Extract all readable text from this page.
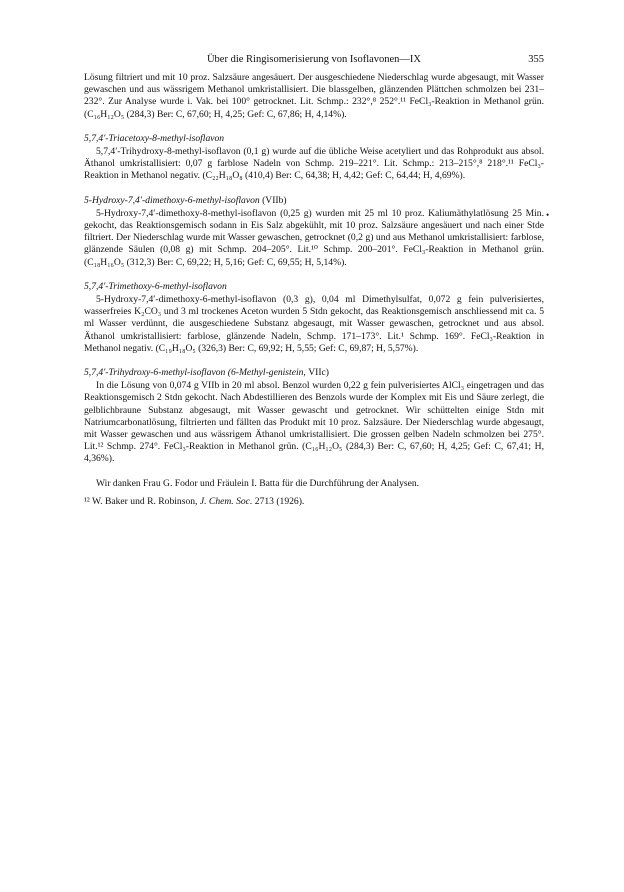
Über die Ringisomerisierung von Isoflavonen—IX	355
•

Lösung filtriert und mit 10 proz. Salzsäure angesäuert. Der ausgeschiedene Niederschlag wurde abgesaugt, mit Wasser gewaschen und aus wässrigem Methanol umkristallisiert. Die blassgelben, glänzenden Plättchen schmolzen bei 231–232°. Zur Analyse wurde i. Vak. bei 100° getrocknet. Lit. Schmp.: 232°,⁸ 252°.¹¹ FeCl₃-Reaktion in Methanol grün. (C₁₆H₁₂O₅ (284,3) Ber: C, 67,60; H, 4,25; Gef: C, 67,86; H, 4,14%).

5,7,4′-Triacetoxy-8-methyl-isoflavon

5,7,4′-Trihydroxy-8-methyl-isoflavon (0,1 g) wurde auf die übliche Weise acetyliert und das Rohprodukt aus absol. Äthanol umkristallisiert: 0,07 g farblose Nadeln von Schmp. 219–221°. Lit. Schmp.: 213–215°,⁸ 218°.¹¹ FeCl₃-Reaktion in Methanol negativ. (C₂₂H₁₈O₈ (410,4) Ber: C, 64,38; H, 4,42; Gef: C, 64,44; H, 4,69%).

5-Hydroxy-7,4′-dimethoxy-6-methyl-isoflavon (VIIb)

5-Hydroxy-7,4′-dimethoxy-8-methyl-isoflavon (0,25 g) wurden mit 25 ml 10 proz. Kaliumäthylatlösung 25 Min. gekocht, das Reaktionsgemisch sodann in Eis Salz abgekühlt, mit 10 proz. Salzsäure angesäuert und nach einer Stde filtriert. Der Niederschlag wurde mit Wasser gewaschen, getrocknet (0,2 g) und aus Methanol umkristallisiert: farblose, glänzende Säulen (0,08 g) mit Schmp. 204–205°. Lit.¹⁰ Schmp. 200–201°. FeCl₃-Reaktion in Methanol grün. (C₁₈H₁₆O₅ (312,3) Ber: C, 69,22; H, 5,16; Gef: C, 69,55; H, 5,14%).

5,7,4′-Trimethoxy-6-methyl-isoflavon

5-Hydroxy-7,4′-dimethoxy-6-methyl-isoflavon (0,3 g), 0,04 ml Dimethylsulfat, 0,072 g fein pulverisiertes, wasserfreies K₂CO₃ und 3 ml trockenes Aceton wurden 5 Stdn gekocht, das Reaktionsgemisch anschliessend mit ca. 5 ml Wasser verdünnt, die ausgeschiedene Substanz abgesaugt, mit Wasser gewaschen, getrocknet und aus absol. Äthanol umkristallisiert: farblose, glänzende Nadeln, Schmp. 171–173°. Lit.¹ Schmp. 169°. FeCl₃-Reaktion in Methanol negativ. (C₁₉H₁₈O₅ (326,3) Ber: C, 69,92; H, 5,55; Gef: C, 69,87; H, 5,57%).

5,7,4′-Trihydroxy-6-methyl-isoflavon (6-Methyl-genistein, VIIc)

In die Lösung von 0,074 g VIIb in 20 ml absol. Benzol wurden 0,22 g fein pulverisiertes AlCl₃ eingetragen und das Reaktionsgemisch 2 Stdn gekocht. Nach Abdestillieren des Benzols wurde der Komplex mit Eis und Säure zerlegt, die gelblichbraune Substanz abgesaugt, mit Wasser gewascht und getrocknet. Wir schüttelten einige Stdn mit Natriumcarbonatlösung, filtrierten und fällten das Produkt mit 10 proz. Salzsäure. Der Niederschlag wurde abgesaugt, mit Wasser gewaschen und aus wässrigem Äthanol umkristallisiert. Die grossen gelben Nadeln schmolzen bei 275°. Lit.¹² Schmp. 274°. FeCl₃-Reaktion in Methanol grün. (C₁₆H₁₂O₅ (284,3) Ber: C, 67,60; H, 4,25; Gef: C, 67,41; H, 4,36%).

Wir danken Frau G. Fodor und Fräulein I. Batta für die Durchführung der Analysen.

¹² W. Baker und R. Robinson, J. Chem. Soc. 2713 (1926).
